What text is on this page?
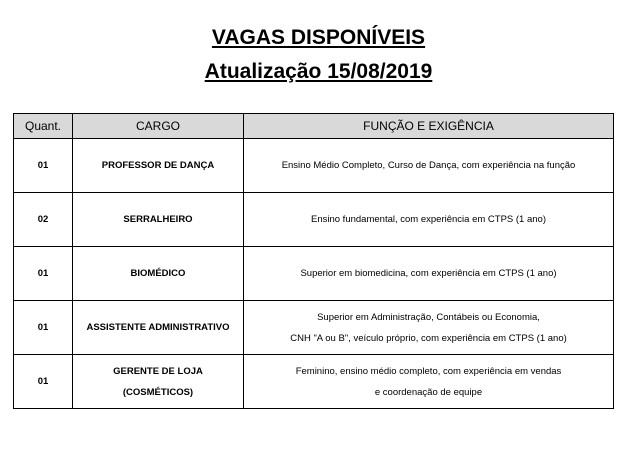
VAGAS DISPONÍVEIS
Atualização 15/08/2019
Quant.	CARGO	FUNÇÃO E EXIGÊNCIA
01	PROFESSOR DE DANÇA	Ensino Médio Completo, Curso de Dança, com experiência na função
02	SERRALHEIRO	Ensino fundamental, com experiência em CTPS (1 ano)
01	BIOMÉDICO	Superior em biomedicina, com experiência em CTPS (1 ano)
01	ASSISTENTE ADMINISTRATIVO	Superior em Administração, Contábeis ou Economia,
CNH "A ou B", veículo próprio, com experiência em CTPS (1 ano)
01	GERENTE DE LOJA (COSMÉTICOS)	Feminino, ensino médio completo, com experiência em vendas
e coordenação de equipe
